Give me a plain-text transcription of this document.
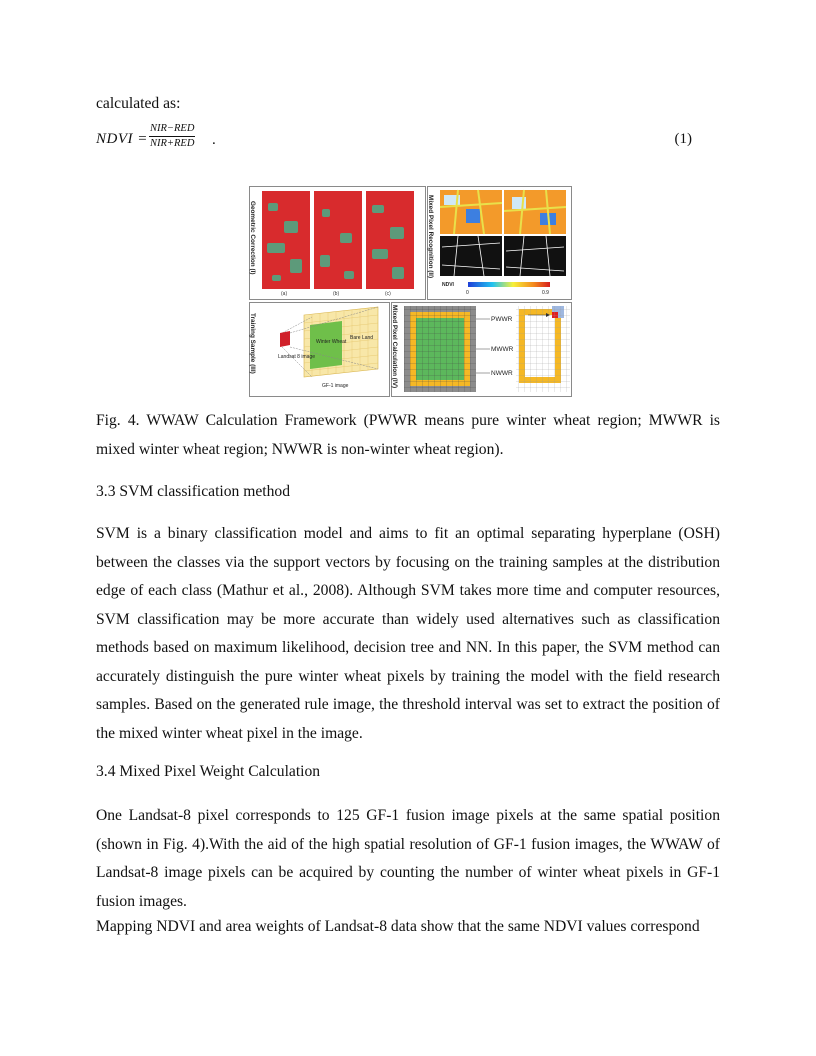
calculated as:

NDVI =
NIR−RED
NIR+RED .	(1)
Geometric Correction (I)
(a)	(b)	(c)
Mixed Pixel Recognition (II)
NDVI
0	0.9
Training Sample (III)	Landsat 8 image
Winter Wheat
Bare Land
GF-1 image	Mixed Pixel Calculation (IV)	PWWR
MWWR
NWWR

Fig. 4. WWAW Calculation Framework (PWWR means pure winter wheat region; MWWR is mixed winter wheat region; NWWR is non-winter wheat region).

3.3 SVM classification method

SVM is a binary classification model and aims to fit an optimal separating hyperplane (OSH) between the classes via the support vectors by focusing on the training samples at the distribution edge of each class (Mathur et al., 2008). Although SVM takes more time and computer resources, SVM classification may be more accurate than widely used alternatives such as classification methods based on maximum likelihood, decision tree and NN. In this paper, the SVM method can accurately distinguish the pure winter wheat pixels by training the model with the field research samples. Based on the generated rule image, the threshold interval was set to extract the position of the mixed winter wheat pixel in the image.

3.4 Mixed Pixel Weight Calculation

One Landsat-8 pixel corresponds to 125 GF-1 fusion image pixels at the same spatial position (shown in Fig. 4).With the aid of the high spatial resolution of GF-1 fusion images, the WWAW of Landsat-8 image pixels can be acquired by counting the number of winter wheat pixels in GF-1 fusion images.

Mapping NDVI and area weights of Landsat-8 data show that the same NDVI values correspond
